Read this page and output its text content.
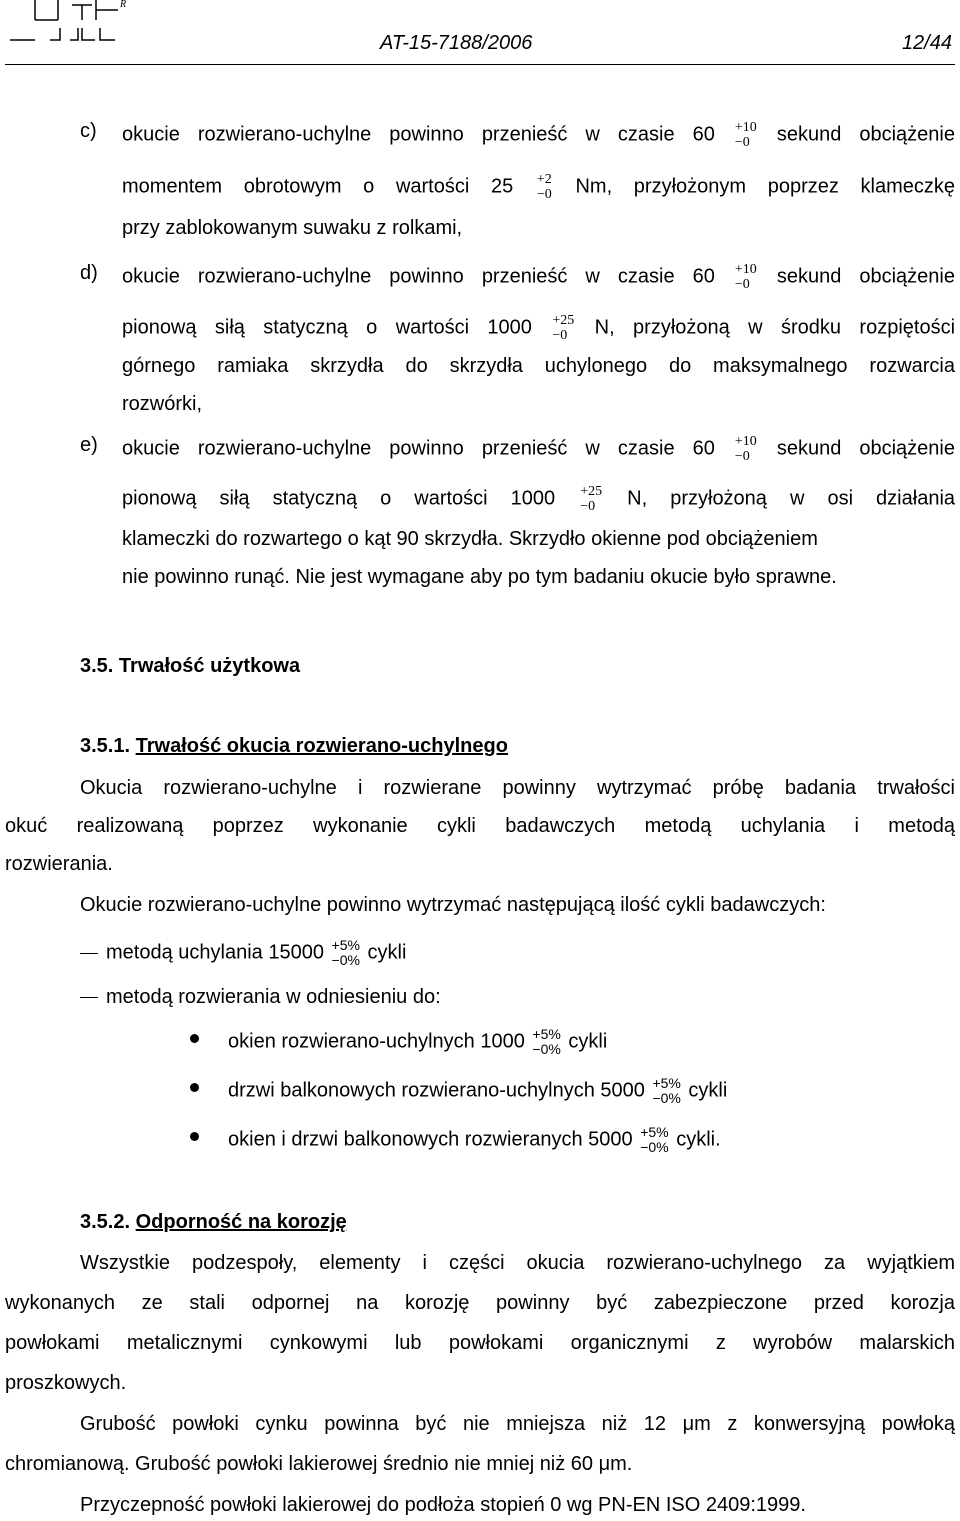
R
AT-15-7188/2006	12/44
c) okucie rozwierano-uchylne powinno przenieść w czasie 60 +10
−0	sekund obciążenie
momentem obrotowym o wartości 25 +2
−0 Nm, przyłożonym poprzez klameczkę
przy zablokowanym suwaku z rolkami,
d) okucie rozwierano-uchylne powinno przenieść w czasie 60 +10
−0	sekund obciążenie
pionową siłą statyczną o wartości 1000 +25
−0	N, przyłożoną w środku rozpiętości
górnego ramiaka skrzydła do skrzydła uchylonego do maksymalnego rozwarcia
rozwórki,
e) okucie rozwierano-uchylne powinno przenieść w czasie 60 +10
−0	sekund obciążenie
pionową siłą statyczną o wartości 1000 +25
−0	N, przyłożoną w osi działania
klameczki do rozwartego o kąt 90 skrzydła. Skrzydło okienne pod obciążeniem
nie powinno runąć. Nie jest wymagane aby po tym badaniu okucie było sprawne.
3.5. Trwałość użytkowa
3.5.1. Trwałość okucia rozwierano-uchylnego
Okucia rozwierano-uchylne i rozwierane powinny wytrzymać próbę badania trwałości
okuć realizowaną poprzez wykonanie cykli badawczych metodą uchylania i metodą
rozwierania.
Okucie rozwierano-uchylne powinno wytrzymać następującą ilość cykli badawczych:
metodą uchylania 15000 +5%
−0% cykli
metodą rozwierania w odniesieniu do:
okien rozwierano-uchylnych 1000 +5%
−0% cykli
drzwi balkonowych rozwierano-uchylnych 5000 +5%
−0% cykli
okien i drzwi balkonowych rozwieranych 5000 +5%
−0% cykli.
3.5.2. Odporność na korozję
Wszystkie podzespoły, elementy i części okucia rozwierano-uchylnego za wyjątkiem
wykonanych ze stali odpornej na korozję powinny być zabezpieczone przed korozja
powłokami metalicznymi cynkowymi lub powłokami organicznymi z wyrobów malarskich
proszkowych.
Grubość powłoki cynku powinna być nie mniejsza niż 12 μm z konwersyjną powłoką
chromianową. Grubość powłoki lakierowej średnio nie mniej niż 60 μm.
Przyczepność powłoki lakierowej do podłoża stopień 0 wg PN-EN ISO 2409:1999.
